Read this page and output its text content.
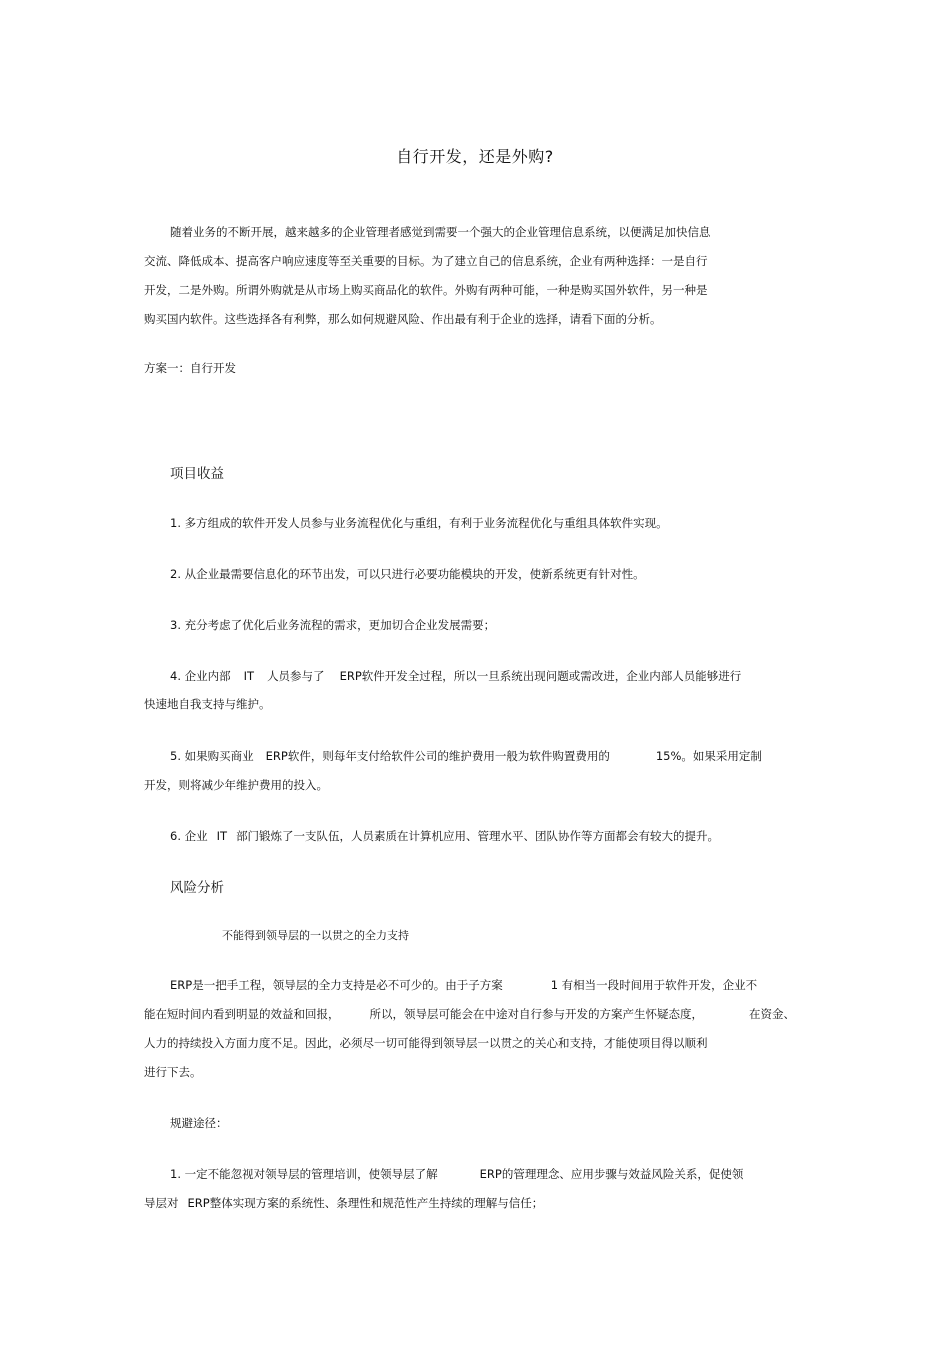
自行开发，还是外购?
随着业务的不断开展，越来越多的企业管理者感觉到需要一个强大的企业管理信息系统，以便满足加快信息
交流、降低成本、提高客户响应速度等至关重要的目标。为了建立自己的信息系统，企业有两种选择：一是自行
开发，二是外购。所谓外购就是从市场上购买商品化的软件。外购有两种可能，一种是购买国外软件，另一种是
购买国内软件。这些选择各有利弊，那么如何规避风险、作出最有利于企业的选择，请看下面的分析。
方案一：自行开发
项目收益
1. 多方组成的软件开发人员参与业务流程优化与重组，有利于业务流程优化与重组具体软件实现。
2. 从企业最需要信息化的环节出发，可以只进行必要功能模块的开发，使新系统更有针对性。
3. 充分考虑了优化后业务流程的需求，更加切合企业发展需要；
4. 企业内部 IT 人员参与了 ERP软件开发全过程，所以一旦系统出现问题或需改进，企业内部人员能够进行
快速地自我支持与维护。
5. 如果购买商业 ERP软件，则每年支付给软件公司的维护费用一般为软件购置费用的	15%。如果采用定制
开发，则将减少年维护费用的投入。
6. 企业 IT 部门锻炼了一支队伍，人员素质在计算机应用、管理水平、团队协作等方面都会有较大的提升。
风险分析
不能得到领导层的一以贯之的全力支持
ERP是一把手工程，领导层的全力支持是必不可少的。由于子方案	1 有相当一段时间用于软件开发，企业不
能在短时间内看到明显的效益和回报，	所以，领导层可能会在中途对自行参与开发的方案产生怀疑态度，	在资金、
人力的持续投入方面力度不足。因此，必须尽一切可能得到领导层一以贯之的关心和支持，才能使项目得以顺利
进行下去。
规避途径：
1. 一定不能忽视对领导层的管理培训，使领导层了解	ERP的管理理念、应用步骤与效益风险关系，促使领
导层对 ERP整体实现方案的系统性、条理性和规范性产生持续的理解与信任；
